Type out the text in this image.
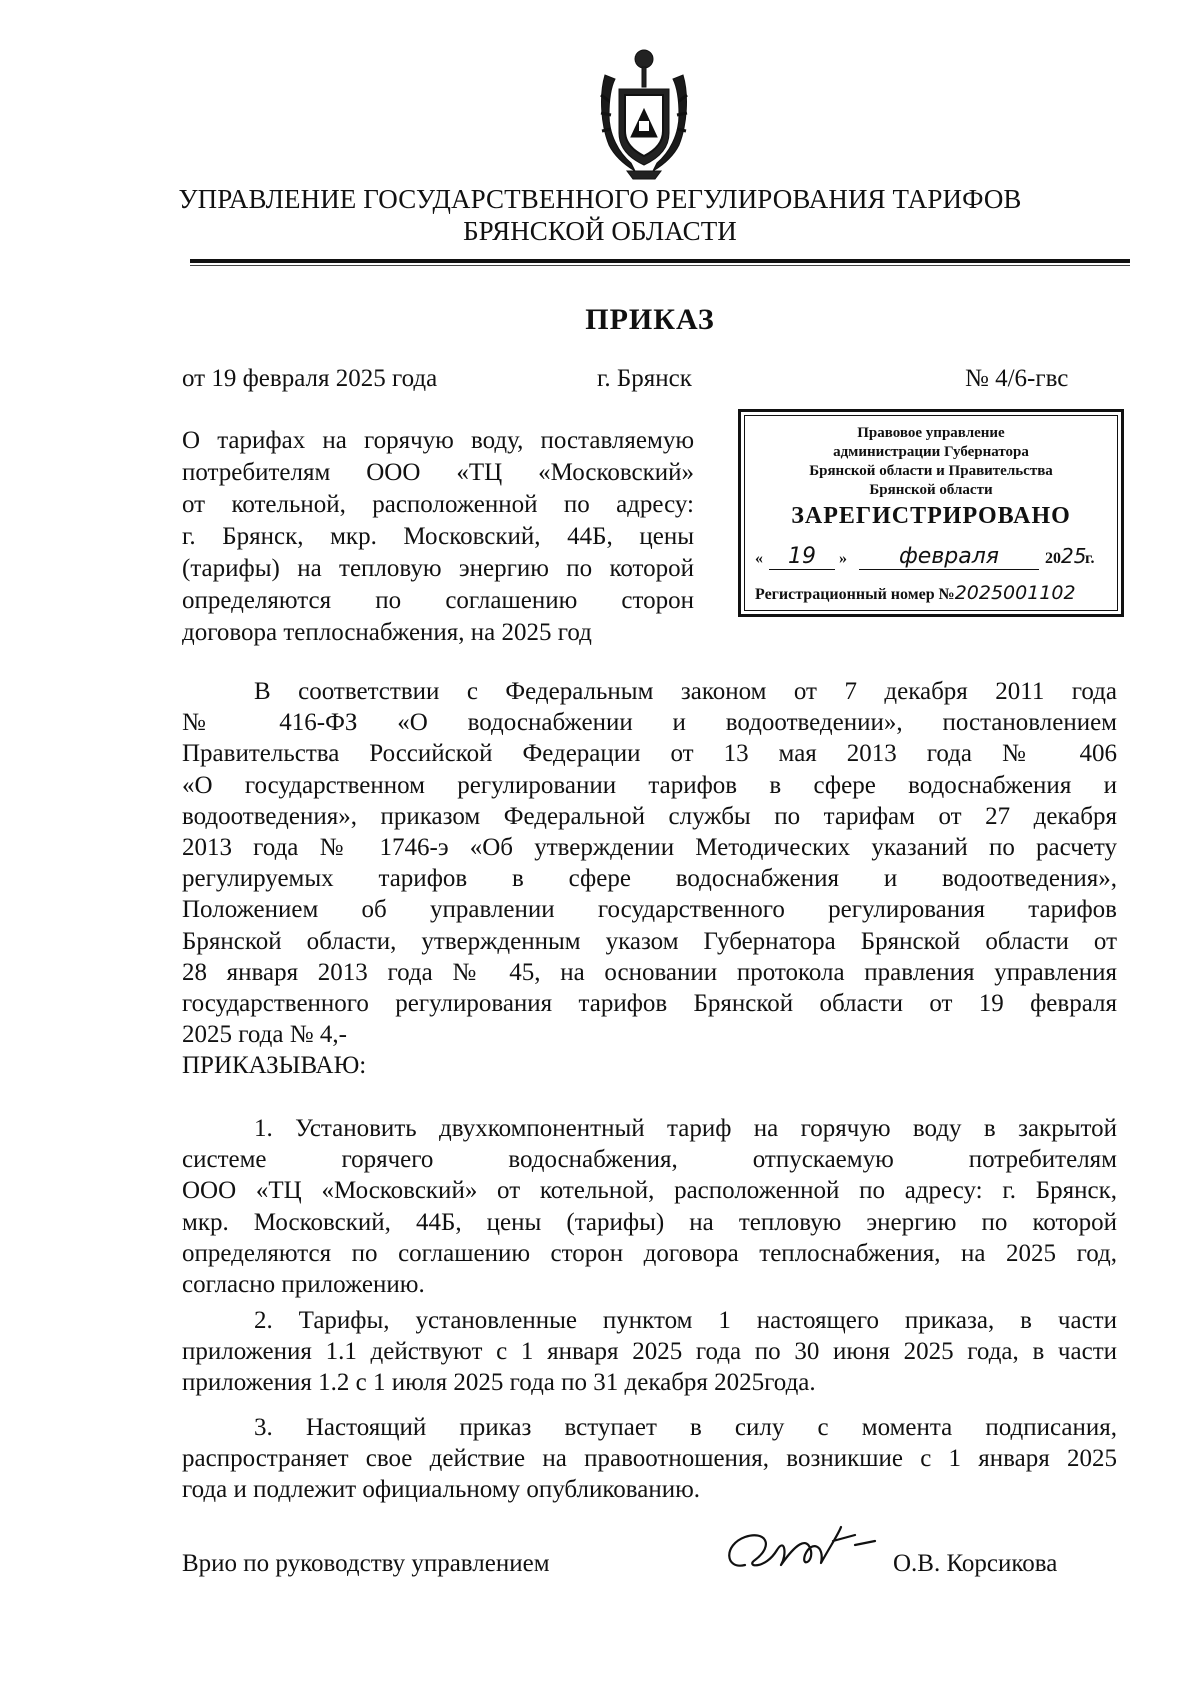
УПРАВЛЕНИЕ ГОСУДАРСТВЕННОГО РЕГУЛИРОВАНИЯ ТАРИФОВ
БРЯНСКОЙ ОБЛАСТИ
ПРИКАЗ
от 19 февраля 2025 года	г. Брянск	№ 4/6-гвс
О тарифах на горячую воду, поставляемую
потребителям ООО «ТЦ «Московский»
от котельной, расположенной по адресу:
г. Брянск, мкр. Московский, 44Б, цены
(тарифы) на тепловую энергию по которой
определяются по соглашению сторон
договора теплоснабжения, на 2025 год
Правовое управление
администрации Губернатора
Брянской области и Правительства
Брянской области
ЗАРЕГИСТРИРОВАНО
«	19	»	февраля	2025
г.
Регистрационный номер №2025001102
В соответствии с Федеральным законом от 7 декабря 2011 года
№ 416-ФЗ «О водоснабжении и водоотведении», постановлением
Правительства Российской Федерации от 13 мая 2013 года № 406
«О государственном регулировании тарифов в сфере водоснабжения и
водоотведения», приказом Федеральной службы по тарифам от 27 декабря
2013 года № 1746-э «Об утверждении Методических указаний по расчету
регулируемых тарифов в сфере водоснабжения и водоотведения»,
Положением об управлении государственного регулирования тарифов
Брянской области, утвержденным указом Губернатора Брянской области от
28 января 2013 года № 45, на основании протокола правления управления
государственного регулирования тарифов Брянской области от 19 февраля
2025 года № 4,-
ПРИКАЗЫВАЮ:
1. Установить двухкомпонентный тариф на горячую воду в закрытой
системе горячего водоснабжения, отпускаемую потребителям
ООО «ТЦ «Московский» от котельной, расположенной по адресу: г. Брянск,
мкр. Московский, 44Б, цены (тарифы) на тепловую энергию по которой
определяются по соглашению сторон договора теплоснабжения, на 2025 год,
согласно приложению.
2. Тарифы, установленные пунктом 1 настоящего приказа, в части
приложения 1.1 действуют с 1 января 2025 года по 30 июня 2025 года, в части
приложения 1.2 с 1 июля 2025 года по 31 декабря 2025года.
3. Настоящий приказ вступает в силу с момента подписания,
распространяет свое действие на правоотношения, возникшие с 1 января 2025
года и подлежит официальному опубликованию.
Врио по руководству управлением	О.В. Корсикова
